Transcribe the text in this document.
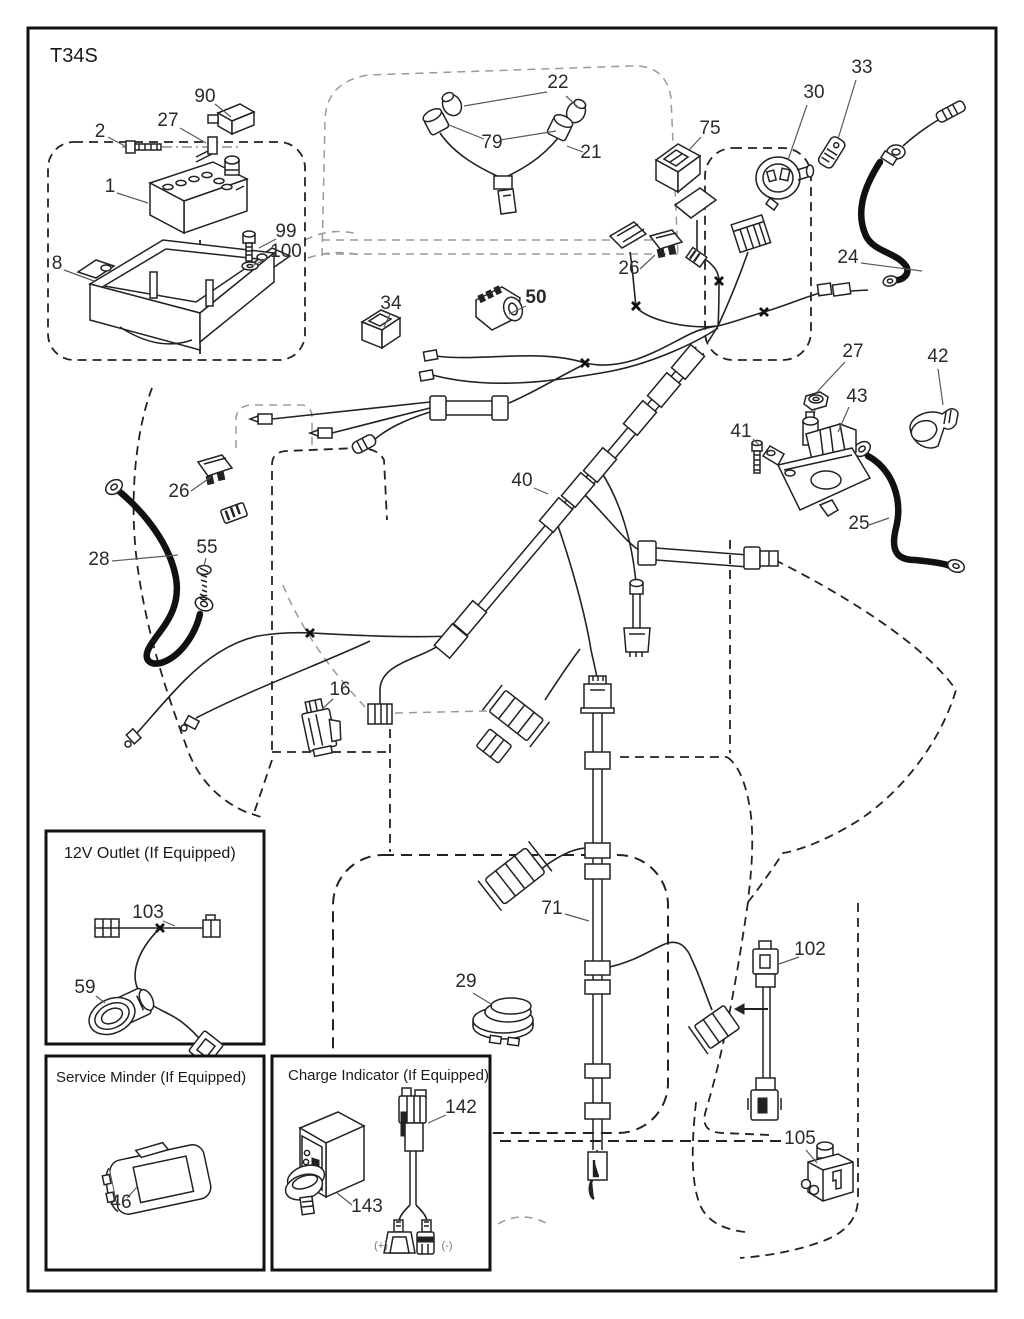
T34S
12V Outlet (If Equipped)
Service Minder (If Equipped)	Charge Indicator (If Equipped)
(+)	(-)
90
2
27
1
99
100
8
22
79	21
75
30
33
24
26
34	50
40
27	42
43
41
25
26
28
55
16
71
29
103
59
46
142
143
102
105
